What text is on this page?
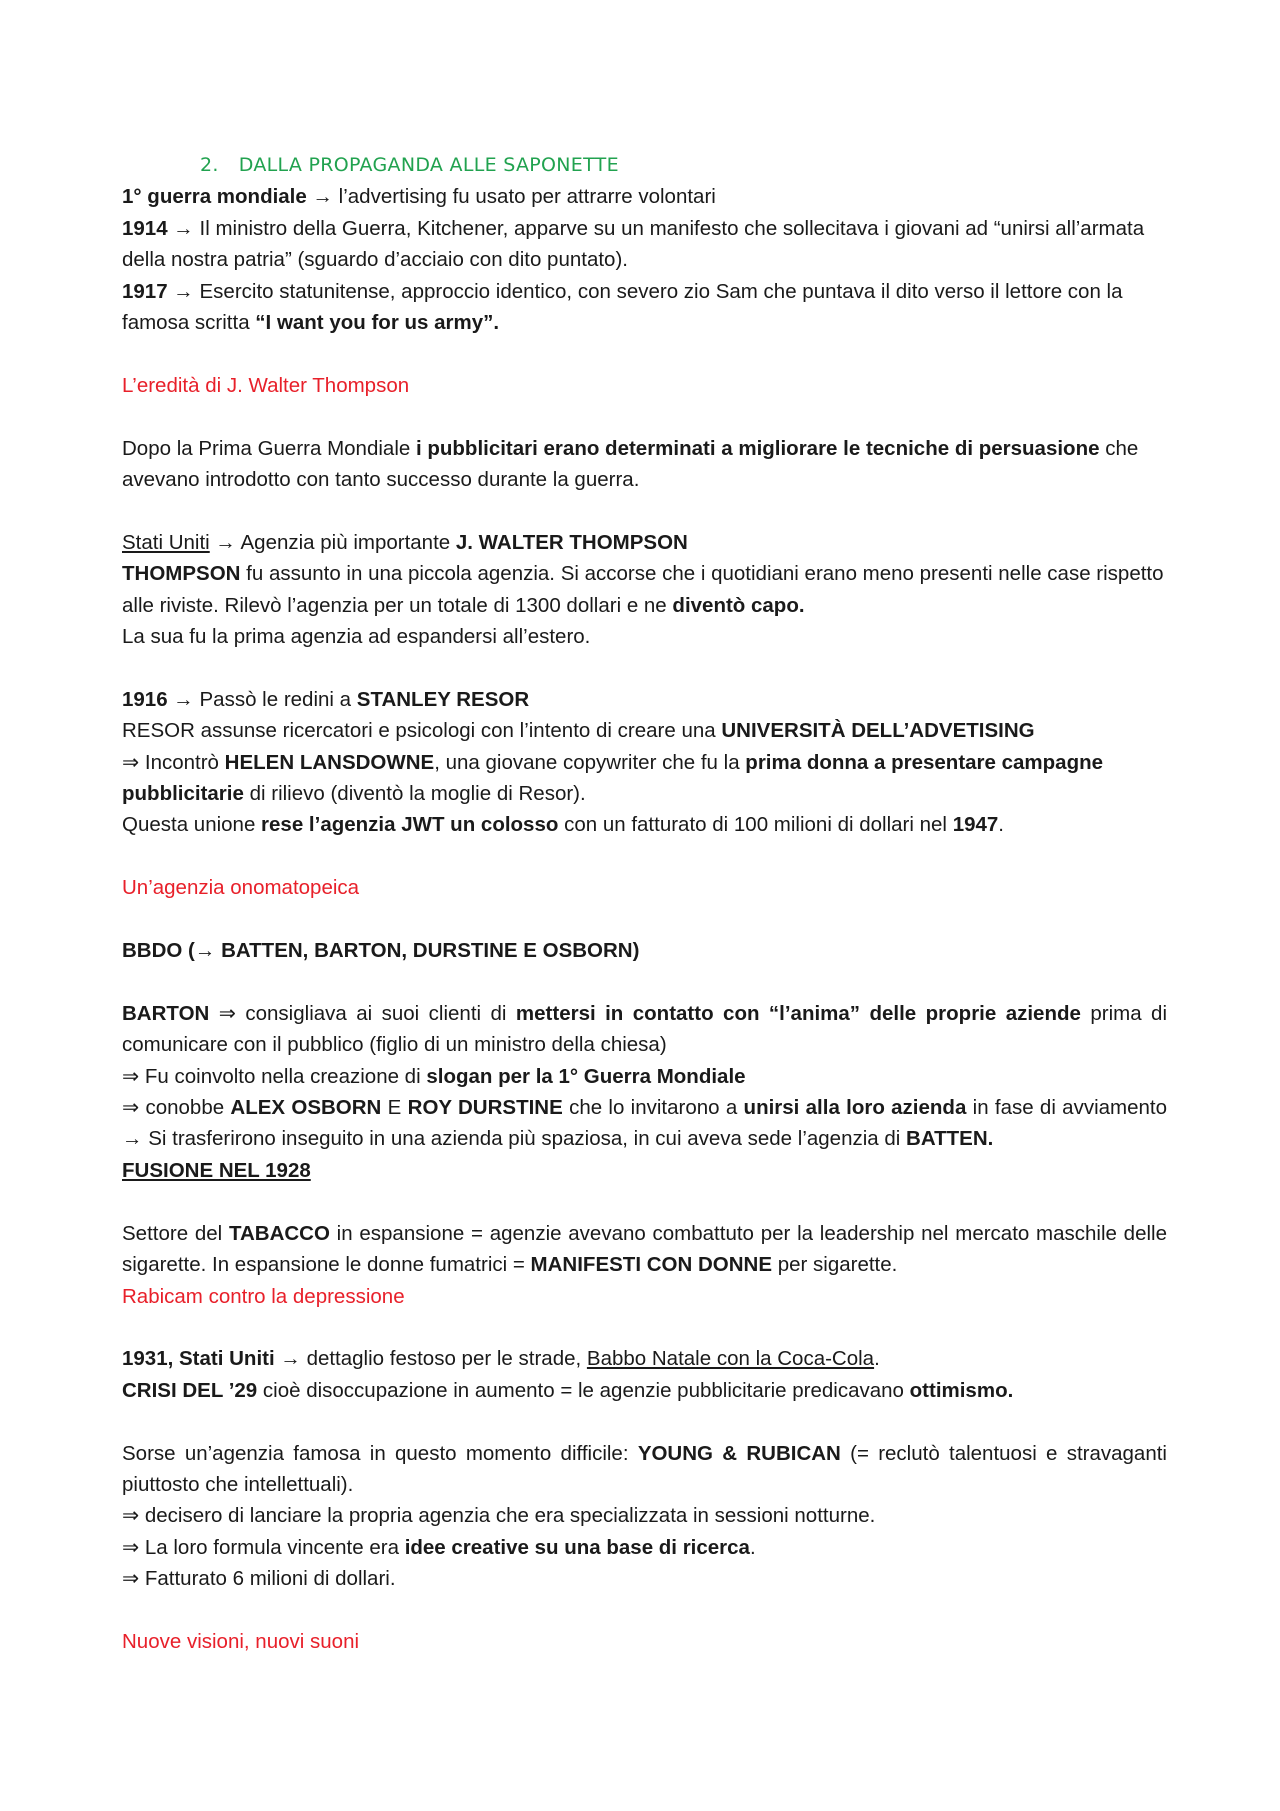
2. DALLA PROPAGANDA ALLE SAPONETTE

1° guerra mondiale → l’advertising fu usato per attrarre volontari

1914 → Il ministro della Guerra, Kitchener, apparve su un manifesto che sollecitava i giovani ad “unirsi all’armata della nostra patria” (sguardo d’acciaio con dito puntato).

1917 → Esercito statunitense, approccio identico, con severo zio Sam che puntava il dito verso il lettore con la famosa scritta “I want you for us army”.

L’eredità di J. Walter Thompson

Dopo la Prima Guerra Mondiale i pubblicitari erano determinati a migliorare le tecniche di persuasione che avevano introdotto con tanto successo durante la guerra.

Stati Uniti → Agenzia più importante J. WALTER THOMPSON

THOMPSON fu assunto in una piccola agenzia. Si accorse che i quotidiani erano meno presenti nelle case rispetto alle riviste. Rilevò l’agenzia per un totale di 1300 dollari e ne diventò capo.

La sua fu la prima agenzia ad espandersi all’estero.

1916 → Passò le redini a STANLEY RESOR

RESOR assunse ricercatori e psicologi con l’intento di creare una UNIVERSITÀ DELL’ADVETISING

⇒ Incontrò HELEN LANSDOWNE, una giovane copywriter che fu la prima donna a presentare campagne pubblicitarie di rilievo (diventò la moglie di Resor).

Questa unione rese l’agenzia JWT un colosso con un fatturato di 100 milioni di dollari nel 1947.

Un’agenzia onomatopeica

BBDO (→ BATTEN, BARTON, DURSTINE E OSBORN)

BARTON ⇒ consigliava ai suoi clienti di mettersi in contatto con “l’anima” delle proprie aziende prima di comunicare con il pubblico (figlio di un ministro della chiesa)

⇒ Fu coinvolto nella creazione di slogan per la 1° Guerra Mondiale

⇒ conobbe ALEX OSBORN E ROY DURSTINE che lo invitarono a unirsi alla loro azienda in fase di avviamento → Si trasferirono inseguito in una azienda più spaziosa, in cui aveva sede l’agenzia di BATTEN.

FUSIONE NEL 1928

Settore del TABACCO in espansione = agenzie avevano combattuto per la leadership nel mercato maschile delle sigarette. In espansione le donne fumatrici = MANIFESTI CON DONNE per sigarette.

Rabicam contro la depressione

1931, Stati Uniti → dettaglio festoso per le strade, Babbo Natale con la Coca-Cola.

CRISI DEL ’29 cioè disoccupazione in aumento = le agenzie pubblicitarie predicavano ottimismo.

Sorse un’agenzia famosa in questo momento difficile: YOUNG & RUBICAN (= reclutò talentuosi e stravaganti piuttosto che intellettuali).

⇒ decisero di lanciare la propria agenzia che era specializzata in sessioni notturne.

⇒ La loro formula vincente era idee creative su una base di ricerca.

⇒ Fatturato 6 milioni di dollari.

Nuove visioni, nuovi suoni
